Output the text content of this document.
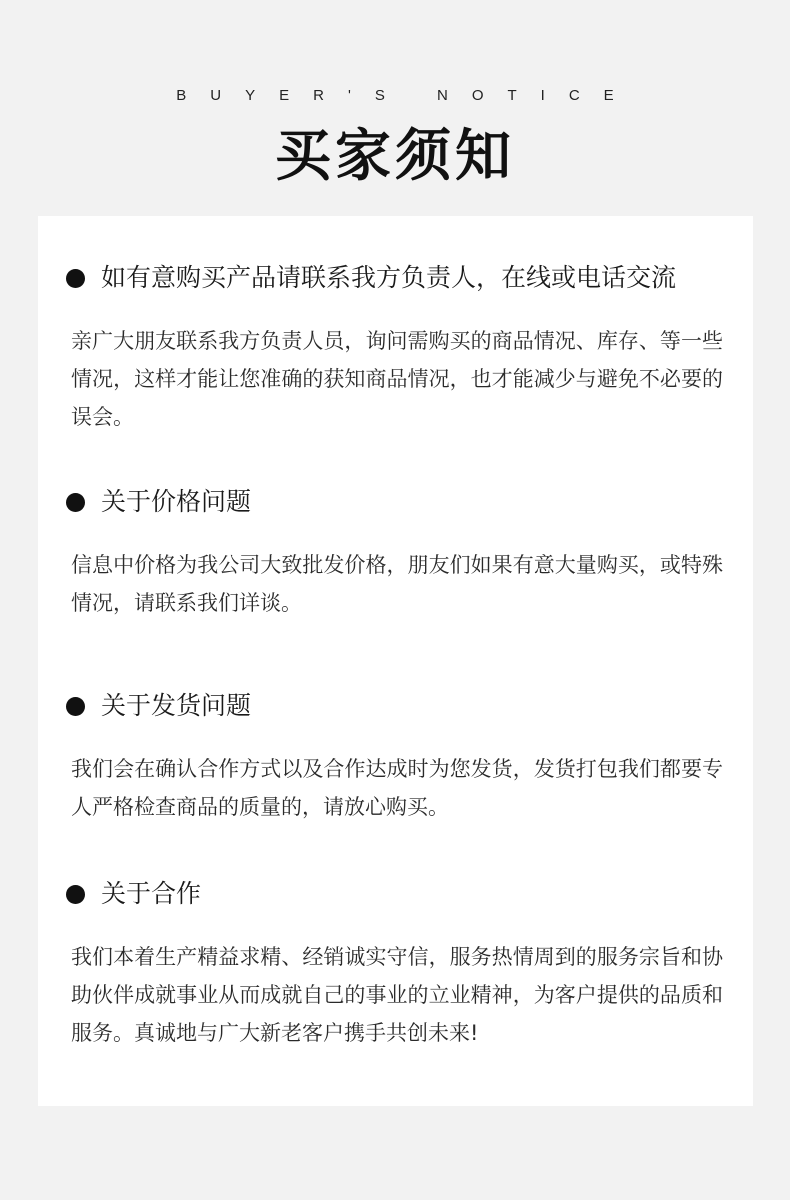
BUYER'S NOTICE
买家须知
如有意购买产品请联系我方负责人，在线或电话交流
亲广大朋友联系我方负责人员，询问需购买的商品情况、库存、等一些情况，这样才能让您准确的获知商品情况，也才能减少与避免不必要的误会。
关于价格问题
信息中价格为我公司大致批发价格，朋友们如果有意大量购买，或特殊情况，请联系我们详谈。
关于发货问题
我们会在确认合作方式以及合作达成时为您发货，发货打包我们都要专人严格检查商品的质量的，请放心购买。
关于合作
我们本着生产精益求精、经销诚实守信，服务热情周到的服务宗旨和协助伙伴成就事业从而成就自己的事业的立业精神，为客户提供的品质和服务。真诚地与广大新老客户携手共创未来!
